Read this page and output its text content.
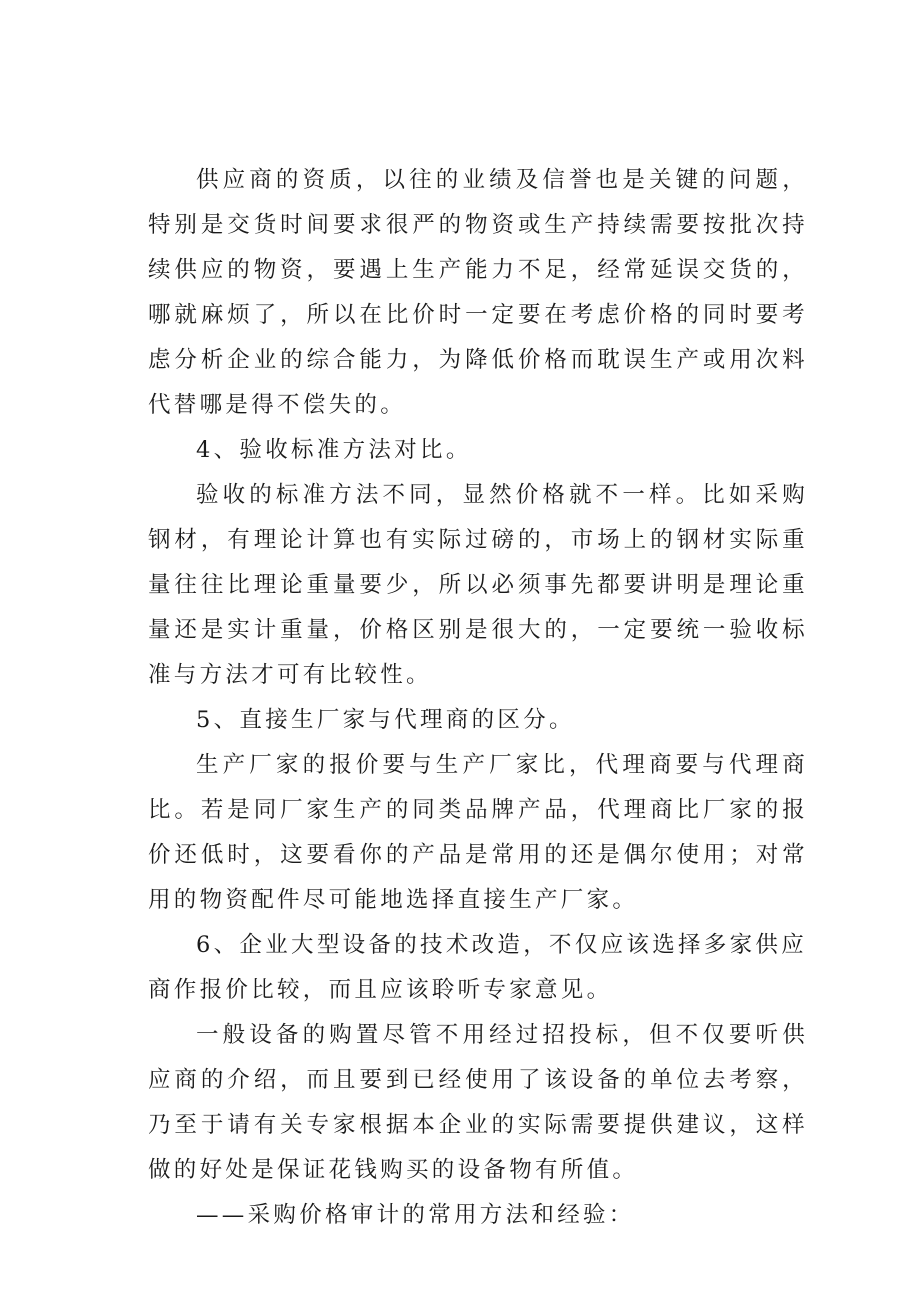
供应商的资质，以往的业绩及信誉也是关键的问题，特别是交货时间要求很严的物资或生产持续需要按批次持续供应的物资，要遇上生产能力不足，经常延误交货的，哪就麻烦了，所以在比价时一定要在考虑价格的同时要考虑分析企业的综合能力，为降低价格而耽误生产或用次料代替哪是得不偿失的。

4、验收标准方法对比。

验收的标准方法不同，显然价格就不一样。比如采购钢材，有理论计算也有实际过磅的，市场上的钢材实际重量往往比理论重量要少，所以必须事先都要讲明是理论重量还是实计重量，价格区别是很大的，一定要统一验收标准与方法才可有比较性。

5、直接生厂家与代理商的区分。

生产厂家的报价要与生产厂家比，代理商要与代理商比。若是同厂家生产的同类品牌产品，代理商比厂家的报价还低时，这要看你的产品是常用的还是偶尔使用；对常用的物资配件尽可能地选择直接生产厂家。

6、企业大型设备的技术改造，不仅应该选择多家供应商作报价比较，而且应该聆听专家意见。

一般设备的购置尽管不用经过招投标，但不仅要听供应商的介绍，而且要到已经使用了该设备的单位去考察，乃至于请有关专家根据本企业的实际需要提供建议，这样做的好处是保证花钱购买的设备物有所值。

——采购价格审计的常用方法和经验：
